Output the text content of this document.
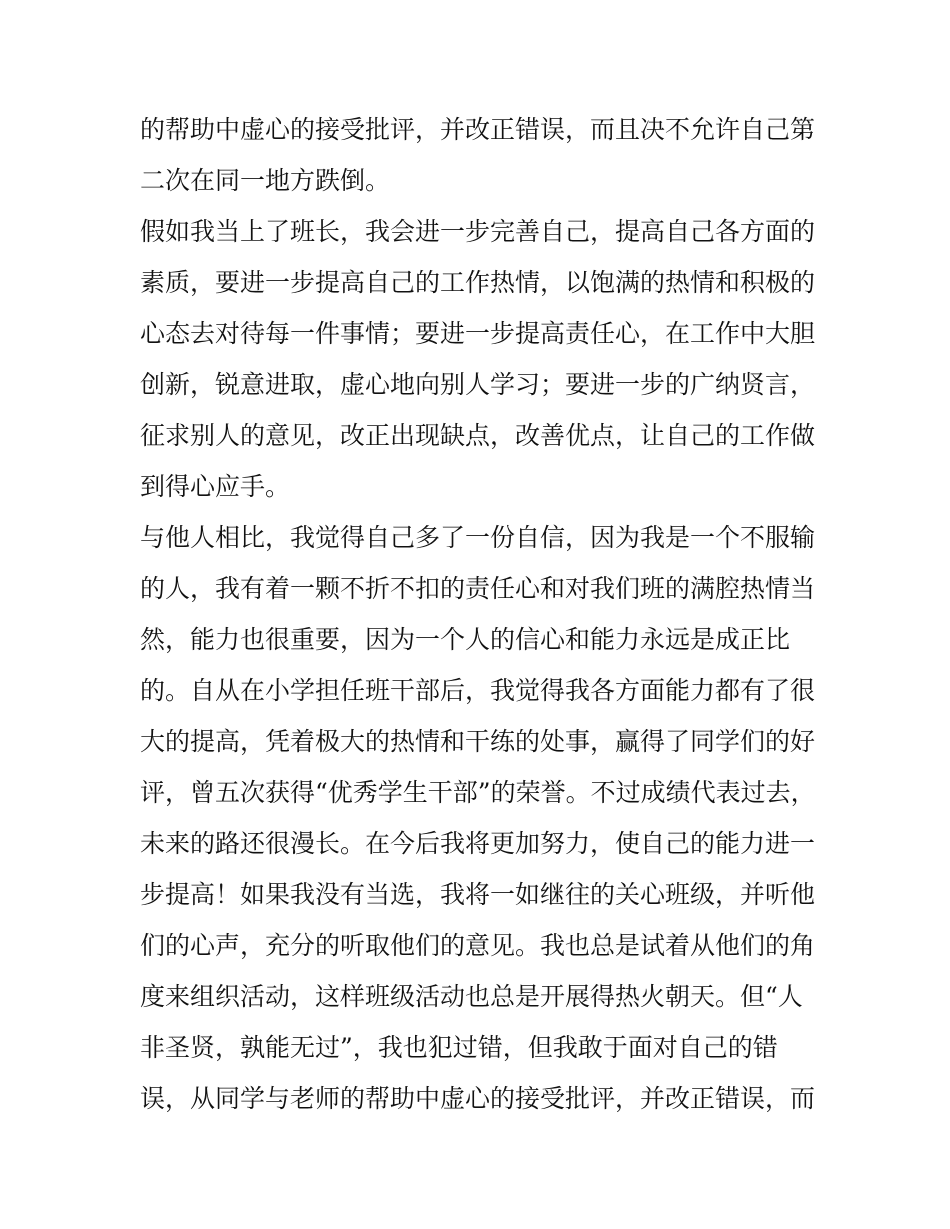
的帮助中虚心的接受批评，并改正错误，而且决不允许自己第
二次在同一地方跌倒。
假如我当上了班长，我会进一步完善自己，提高自己各方面的
素质，要进一步提高自己的工作热情，以饱满的热情和积极的
心态去对待每一件事情；要进一步提高责任心，在工作中大胆
创新，锐意进取，虚心地向别人学习；要进一步的广纳贤言，
征求别人的意见，改正出现缺点，改善优点，让自己的工作做
到得心应手。
与他人相比，我觉得自己多了一份自信，因为我是一个不服输
的人，我有着一颗不折不扣的责任心和对我们班的满腔热情当
然，能力也很重要，因为一个人的信心和能力永远是成正比
的。自从在小学担任班干部后，我觉得我各方面能力都有了很
大的提高，凭着极大的热情和干练的处事，赢得了同学们的好
评，曾五次获得“优秀学生干部”的荣誉。不过成绩代表过去，
未来的路还很漫长。在今后我将更加努力，使自己的能力进一
步提高！如果我没有当选，我将一如继往的关心班级，并听他
们的心声，充分的听取他们的意见。我也总是试着从他们的角
度来组织活动，这样班级活动也总是开展得热火朝天。但“人
非圣贤，孰能无过”，我也犯过错，但我敢于面对自己的错
误，从同学与老师的帮助中虚心的接受批评，并改正错误，而
